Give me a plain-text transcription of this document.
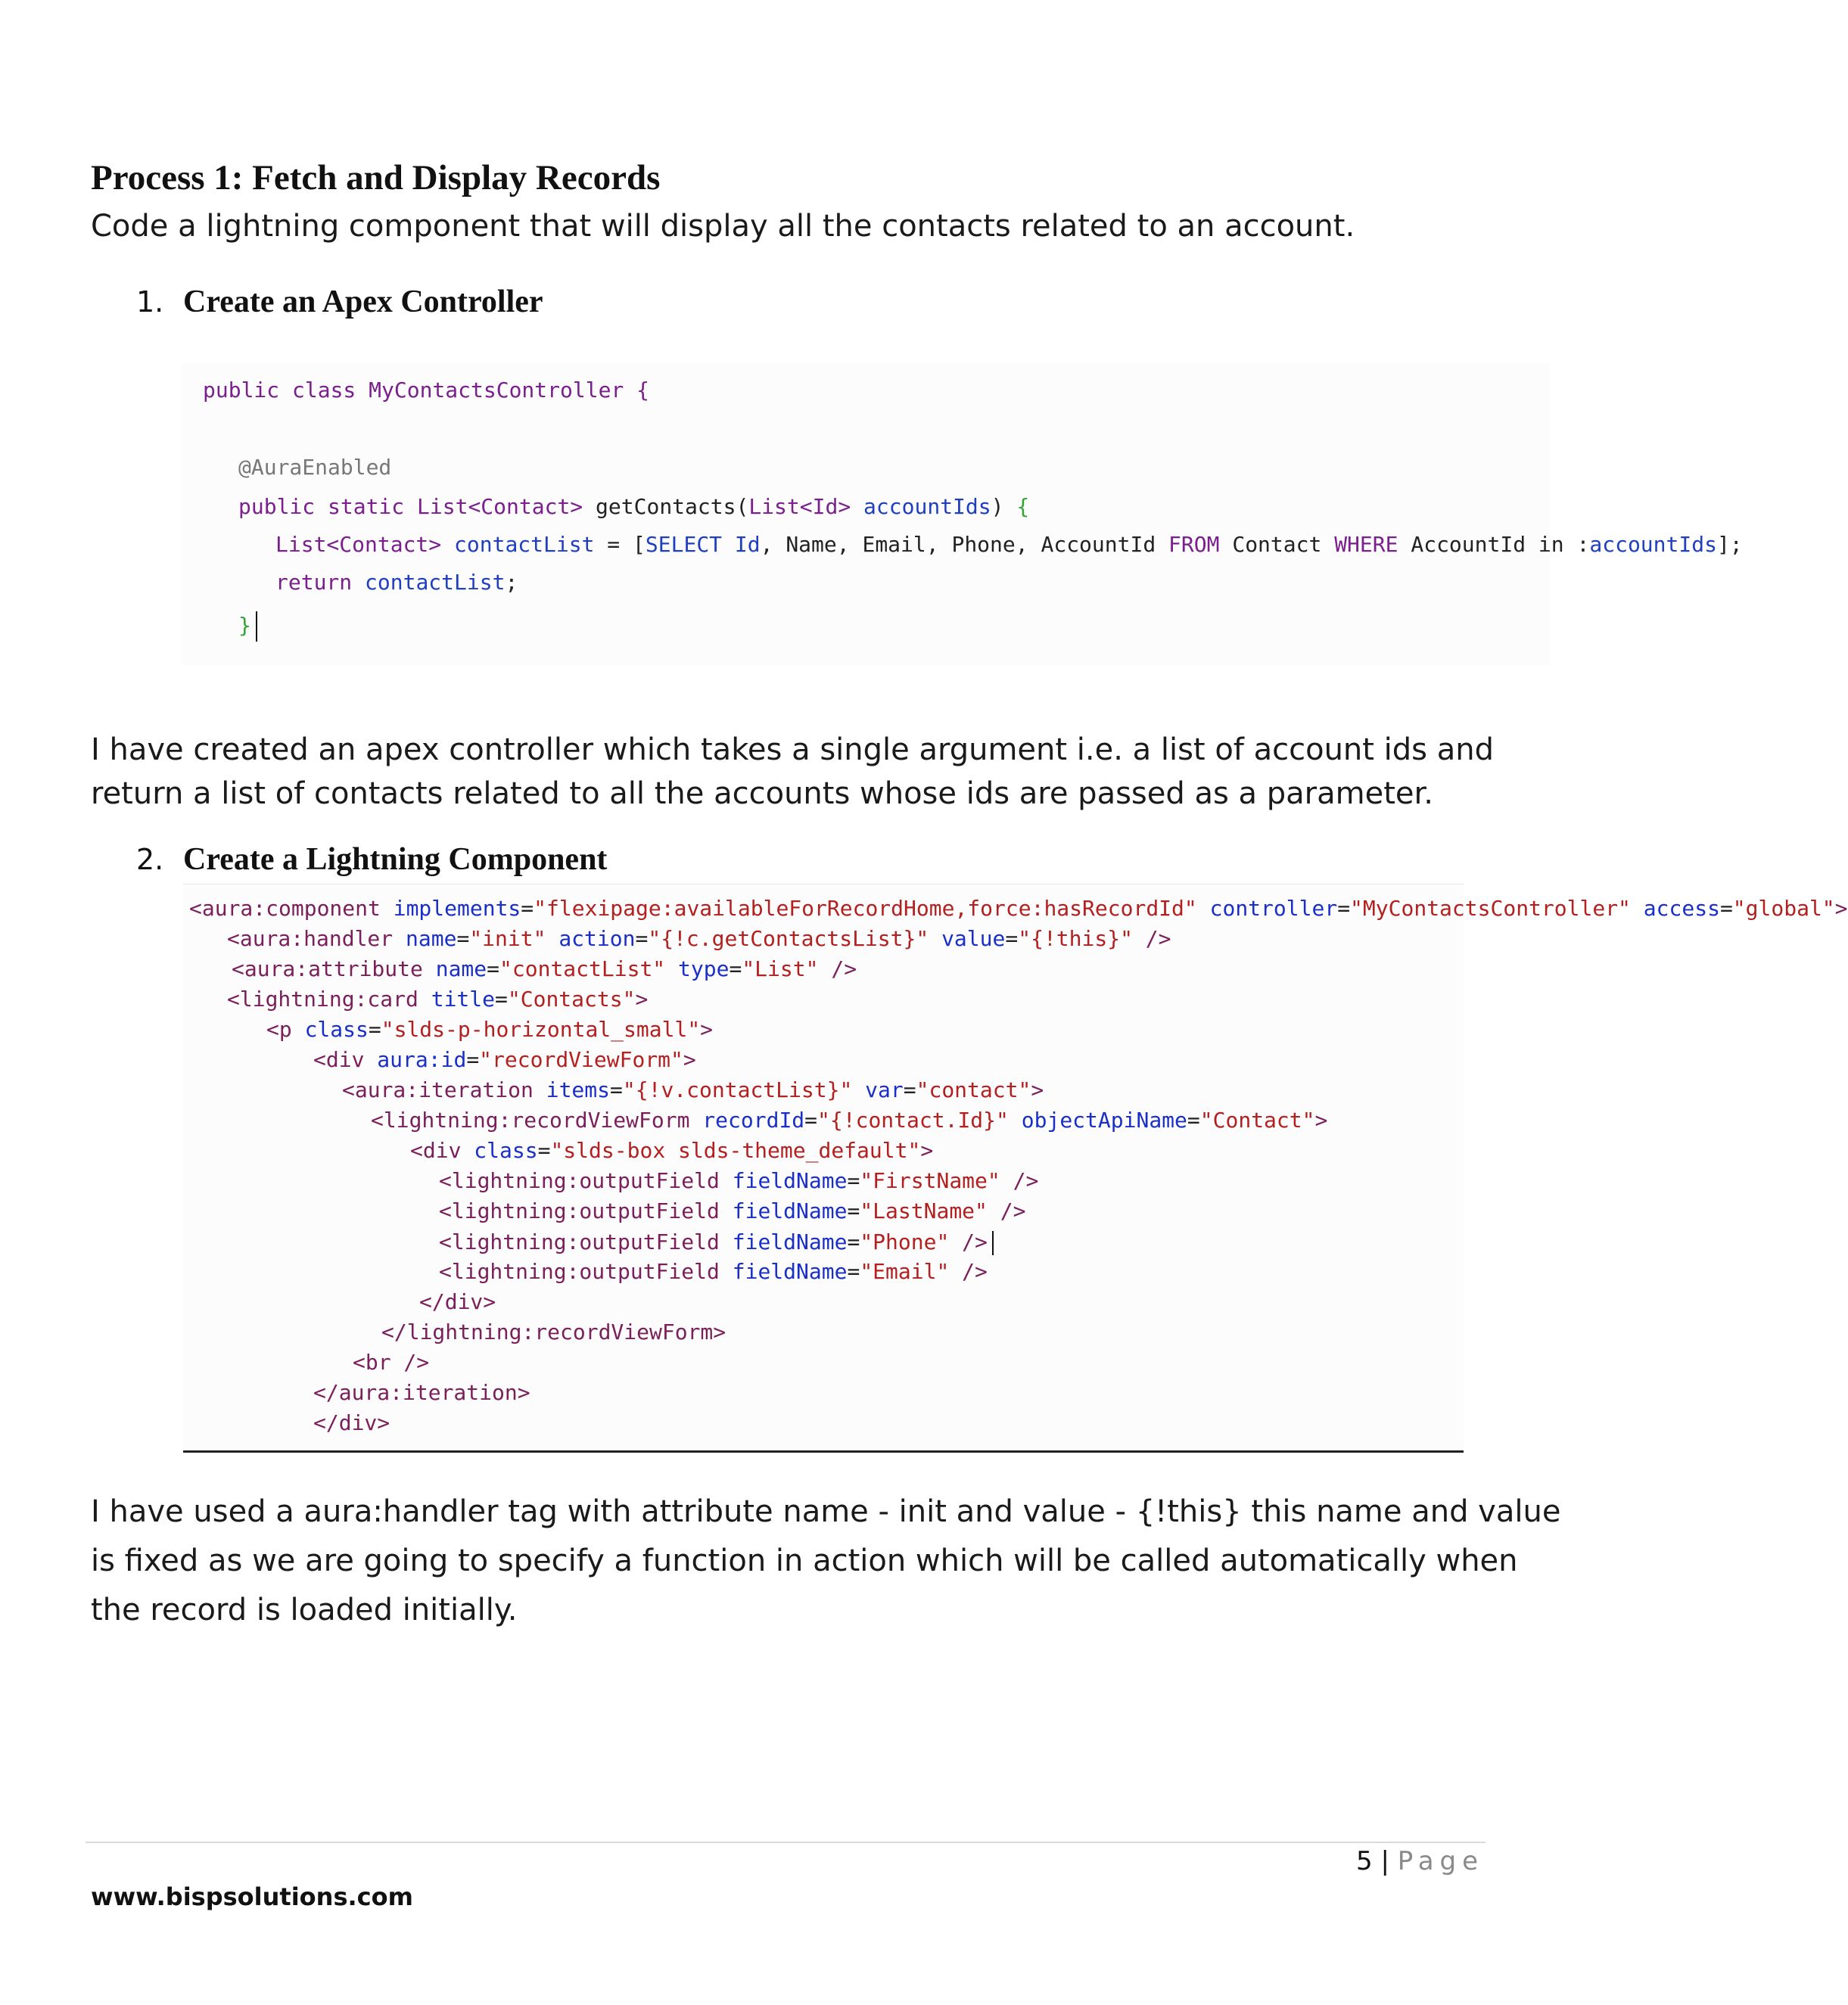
Process 1: Fetch and Display Records
Code a lightning component that will display all the contacts related to an account.
1. Create an Apex Controller
public class MyContactsController {
@AuraEnabled
public static List<Contact> getContacts(List<Id> accountIds) {
List<Contact> contactList = [SELECT Id, Name, Email, Phone, AccountId FROM Contact WHERE AccountId in :accountIds];
return contactList;
}
I have created an apex controller which takes a single argument i.e. a list of account ids and
return a list of contacts related to all the accounts whose ids are passed as a parameter.
2. Create a Lightning Component
<aura:component implements="flexipage:availableForRecordHome,force:hasRecordId" controller="MyContactsController" access="global">
<aura:handler name="init" action="{!c.getContactsList}" value="{!this}" />
<aura:attribute name="contactList" type="List" />
<lightning:card title="Contacts">
<p class="slds-p-horizontal_small">
<div aura:id="recordViewForm">
<aura:iteration items="{!v.contactList}" var="contact">
<lightning:recordViewForm recordId="{!contact.Id}" objectApiName="Contact">
<div class="slds-box slds-theme_default">
<lightning:outputField fieldName="FirstName" />
<lightning:outputField fieldName="LastName" />
<lightning:outputField fieldName="Phone" />
<lightning:outputField fieldName="Email" />
</div>
</lightning:recordViewForm>
<br />
</aura:iteration>
</div>
I have used a aura:handler tag with attribute name - init and value - {!this} this name and value
is fixed as we are going to specify a function in action which will be called automatically when
the record is loaded initially.
5 | Page
www.bispsolutions.com
